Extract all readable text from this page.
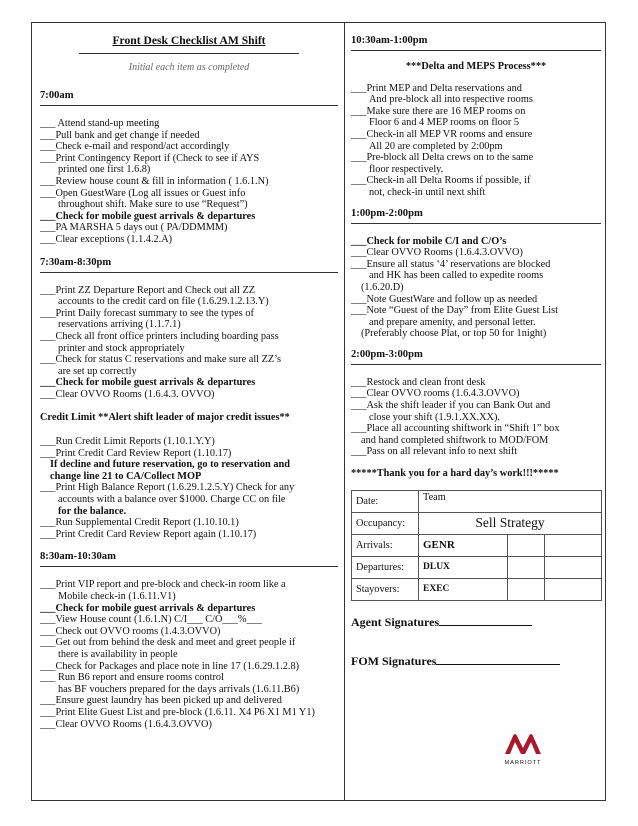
Front Desk Checklist AM Shift
Initial each item as completed
7:00am
___ Attend stand-up meeting
___Pull bank and get change if needed
___Check e-mail and respond/act accordingly
___Print Contingency Report if (Check to see if AYS
printed one first 1.6.8)
___Review house count & fill in information ( 1.6.1.N)
___Open GuestWare (Log all issues or Guest info
throughout shift. Make sure to use “Request”)
___Check for mobile guest arrivals & departures
___PA MARSHA 5 days out ( PA/DDMMM)
___Clear exceptions (1.1.4.2.A)
7:30am-8:30pm
___Print ZZ Departure Report and Check out all ZZ
accounts to the credit card on file (1.6.29.1.2.13.Y)
___Print Daily forecast summary to see the types of
reservations arriving (1.1.7.1)
___Check all front office printers including boarding pass
printer and stock appropriately
___Check for status C reservations and make sure all ZZ’s
are set up correctly
___Check for mobile guest arrivals & departures
___Clear OVVO Rooms (1.6.4.3. OVVO)
Credit Limit **Alert shift leader of major credit issues**
___Run Credit Limit Reports (1.10.1.Y.Y)
___Print Credit Card Review Report (1.10.17)
If decline and future reservation, go to reservation and
change line 21 to CA/Collect MOP
___Print High Balance Report (1.6.29.1.2.5.Y) Check for any
accounts with a balance over $1000. Charge CC on file
for the balance.
___Run Supplemental Credit Report (1.10.10.1)
___Print Credit Card Review Report again (1.10.17)
8:30am-10:30am
___Print VIP report and pre-block and check-in room like a
Mobile check-in (1.6.11.V1)
___Check for mobile guest arrivals & departures
___View House count (1.6.1.N) C/I___ C/O___%___
___Check out OVVO rooms (1.4.3.OVVO)
___Get out from behind the desk and meet and greet people if
there is availability in people
___Check for Packages and place note in line 17 (1.6.29.1.2.8)
___ Run B6 report and ensure rooms control
has BF vouchers prepared for the days arrivals (1.6.11.B6)
___Ensure guest laundry has been picked up and delivered
___Print Elite Guest List and pre-block (1.6.11. X4 P6 X1 M1 Y1)
___Clear OVVO Rooms (1.6.4.3.OVVO)
10:30am-1:00pm
***Delta and MEPS Process***
___Print MEP and Delta reservations and
And pre-block all into respective rooms
___Make sure there are 16 MEP rooms on
Floor 6 and 4 MEP rooms on floor 5
___Check-in all MEP VR rooms and ensure
All 20 are completed by 2:00pm
___Pre-block all Delta crews on to the same
floor respectively.
___Check-in all Delta Rooms if possible, if
not, check-in until next shift
1:00pm-2:00pm
___Check for mobile C/I and C/O’s
___Clear OVVO Rooms (1.6.4.3.OVVO)
___Ensure all status ‘4’ reservations are blocked
and HK has been called to expedite rooms
(1.6.20.D)
___Note GuestWare and follow up as needed
___Note “Guest of the Day” from Elite Guest List
and prepare amenity, and personal letter.
(Preferably choose Plat, or top 50 for 1night)
2:00pm-3:00pm
___Restock and clean front desk
___Clear OVVO rooms (1.6.4.3.OVVO)
___Ask the shift leader if you can Bank Out and
close your shift (1.9.1.XX.XX).
___Place all accounting shiftwork in “Shift 1” box
and hand completed shiftwork to MOD/FOM
___Pass on all relevant info to next shift
*****Thank you for a hard day’s work!!!*****
Date:	Team		
Occupancy:	Sell Strategy		
Arrivals:	GENR		
Departures:	DLUX		
Stayovers:	EXEC		
Agent Signatures
FOM Signatures
MARRIOTT
